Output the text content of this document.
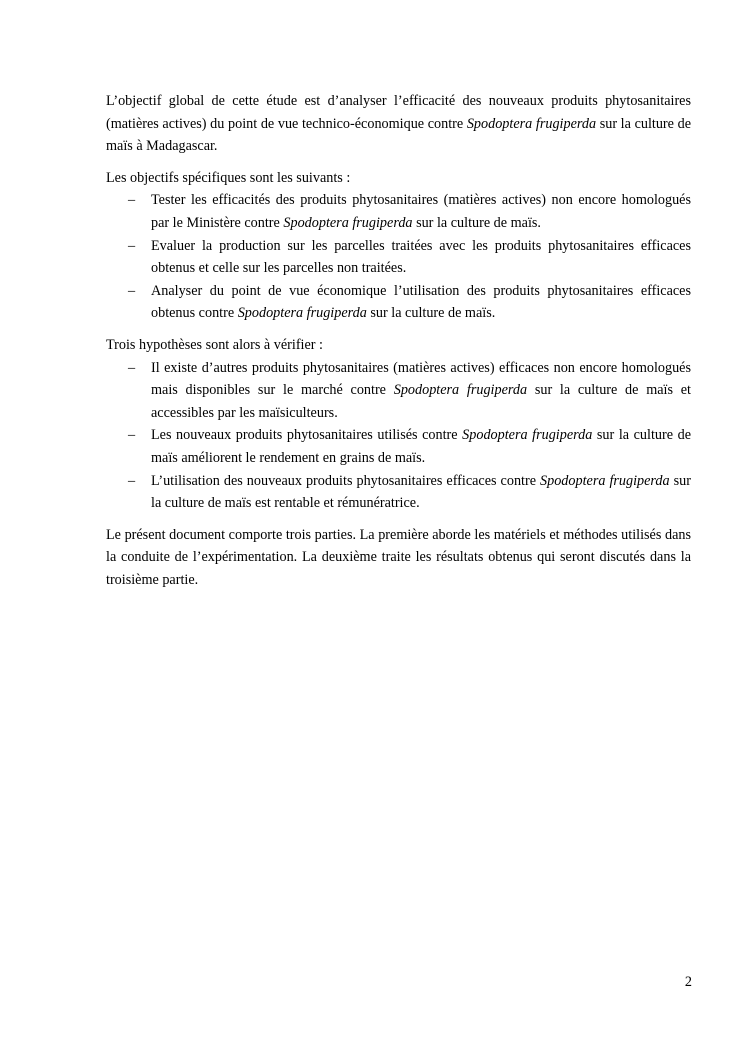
L’objectif global de cette étude est d’analyser l’efficacité des nouveaux produits phytosanitaires (matières actives) du point de vue technico-économique contre Spodoptera frugiperda sur la culture de maïs à Madagascar.

Les objectifs spécifiques sont les suivants :

– Tester les efficacités des produits phytosanitaires (matières actives) non encore homologués par le Ministère contre Spodoptera frugiperda sur la culture de maïs.
– Evaluer la production sur les parcelles traitées avec les produits phytosanitaires efficaces obtenus et celle sur les parcelles non traitées.
– Analyser du point de vue économique l’utilisation des produits phytosanitaires efficaces obtenus contre Spodoptera frugiperda sur la culture de maïs.

Trois hypothèses sont alors à vérifier :

– Il existe d’autres produits phytosanitaires (matières actives) efficaces non encore homologués mais disponibles sur le marché contre Spodoptera frugiperda sur la culture de maïs et accessibles par les maïsiculteurs.
– Les nouveaux produits phytosanitaires utilisés contre Spodoptera frugiperda sur la culture de maïs améliorent le rendement en grains de maïs.
– L’utilisation des nouveaux produits phytosanitaires efficaces contre Spodoptera frugiperda sur la culture de maïs est rentable et rémunératrice.

Le présent document comporte trois parties. La première aborde les matériels et méthodes utilisés dans la conduite de l’expérimentation. La deuxième traite les résultats obtenus qui seront discutés dans la troisième partie.

2
